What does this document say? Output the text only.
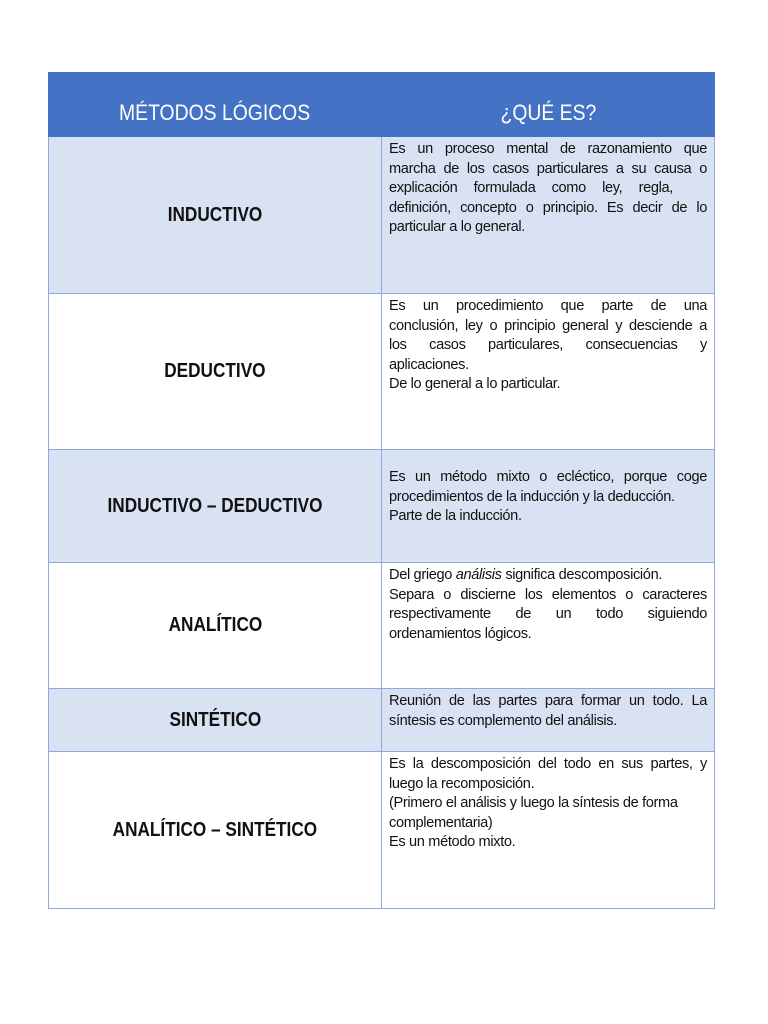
MÉTODOS LÓGICOS	¿QUÉ ES?
INDUCTIVO	Es un proceso mental de razonamiento que
marcha de los casos particulares a su causa o
explicación formulada como ley, regla,
definición, concepto o principio. Es decir de lo
particular a lo general.

DEDUCTIVO	Es un procedimiento que parte de una
conclusión, ley o principio general y desciende a
los casos particulares, consecuencias y
aplicaciones.
De lo general a lo particular.

INDUCTIVO – DEDUCTIVO	Es un método mixto o ecléctico, porque coge
procedimientos de la inducción y la deducción.
Parte de la inducción.

ANALÍTICO	Del griego análisis significa descomposición.
Separa o discierne los elementos o caracteres
respectivamente de un todo siguiendo
ordenamientos lógicos.

SINTÉTICO	Reunión de las partes para formar un todo. La
síntesis es complemento del análisis.

ANALÍTICO – SINTÉTICO	Es la descomposición del todo en sus partes, y
luego la recomposición.
(Primero el análisis y luego la síntesis de forma
complementaria)
Es un método mixto.
